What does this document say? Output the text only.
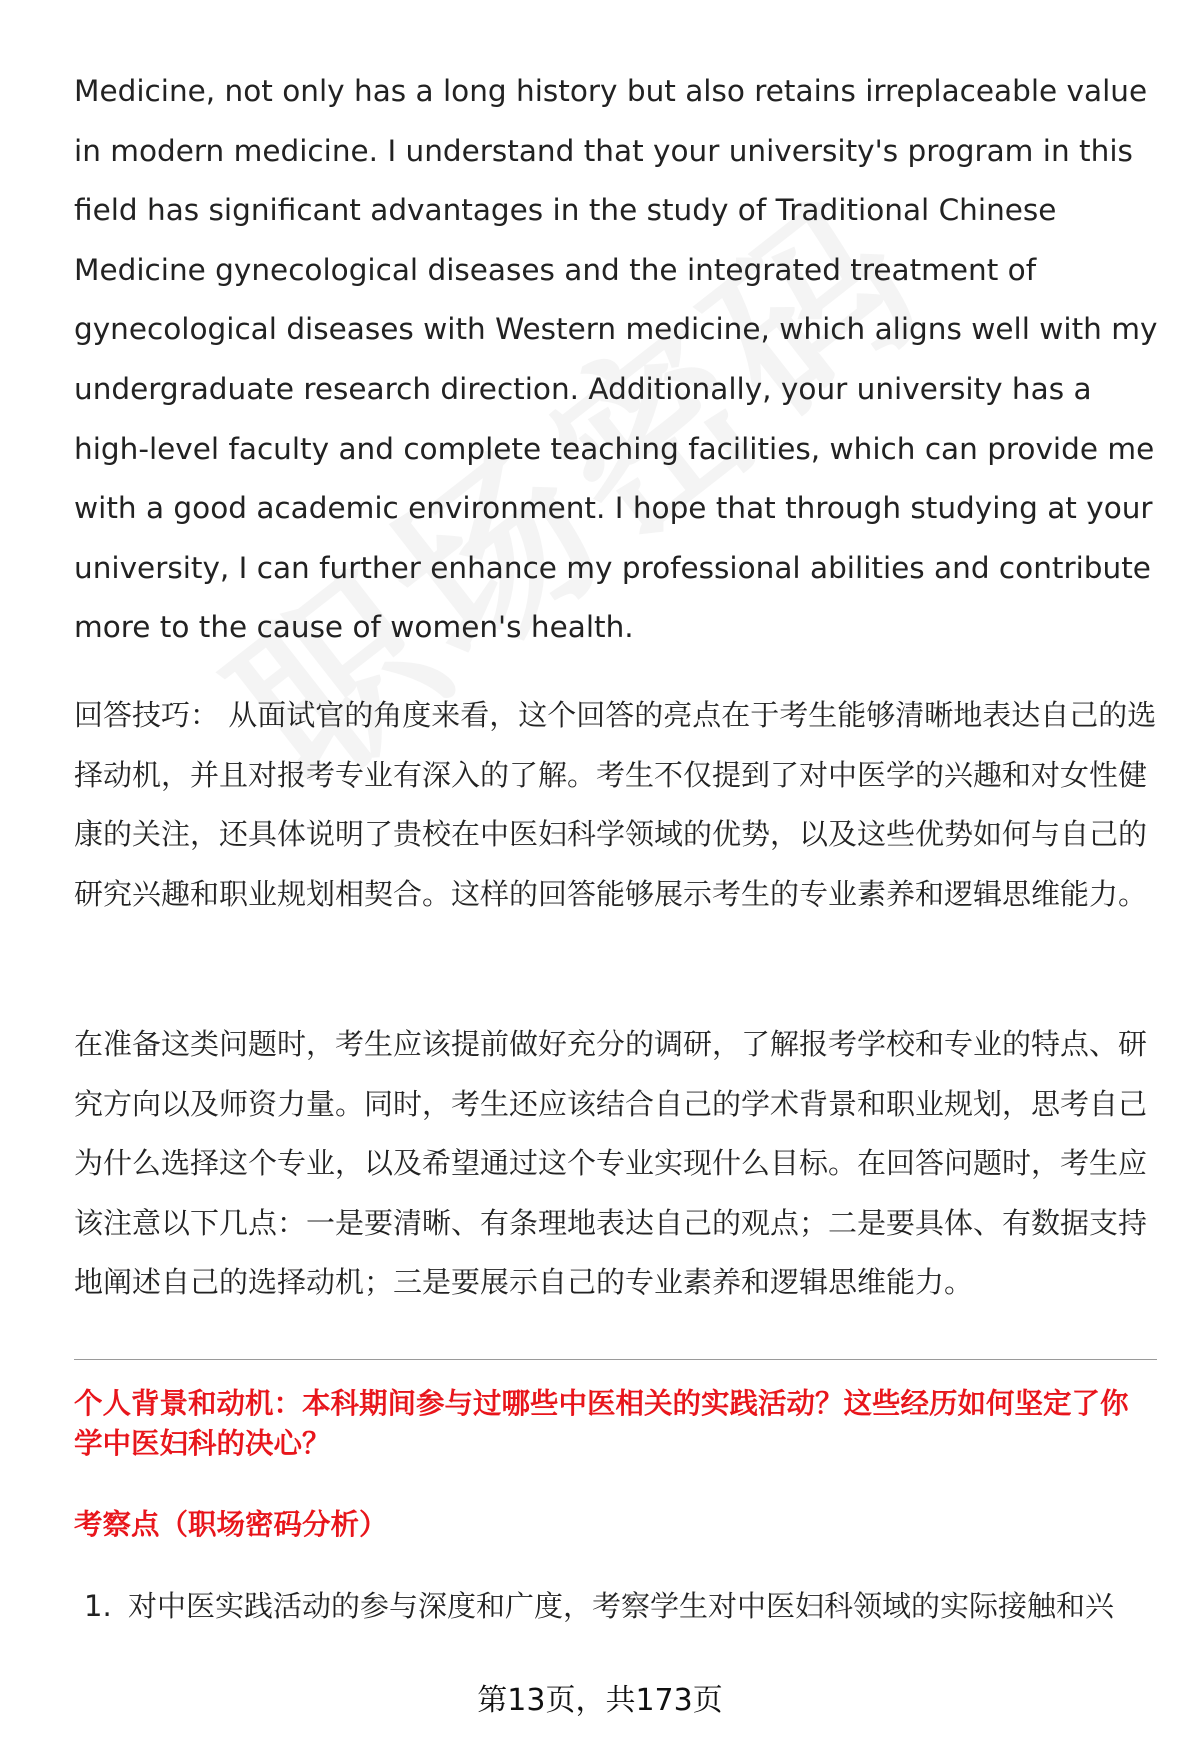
Medicine, not only has a long history but also retains irreplaceable value in modern medicine. I understand that your university's program in this field has significant advantages in the study of Traditional Chinese Medicine gynecological diseases and the integrated treatment of gynecological diseases with Western medicine, which aligns well with my undergraduate research direction. Additionally, your university has a high-level faculty and complete teaching facilities, which can provide me with a good academic environment. I hope that through studying at your university, I can further enhance my professional abilities and contribute more to the cause of women's health.

回答技巧： 从面试官的角度来看，这个回答的亮点在于考生能够清晰地表达自己的选择动机，并且对报考专业有深入的了解。考生不仅提到了对中医学的兴趣和对女性健康的关注，还具体说明了贵校在中医妇科学领域的优势，以及这些优势如何与自己的研究兴趣和职业规划相契合。这样的回答能够展示考生的专业素养和逻辑思维能力。

在准备这类问题时，考生应该提前做好充分的调研，了解报考学校和专业的特点、研究方向以及师资力量。同时，考生还应该结合自己的学术背景和职业规划，思考自己为什么选择这个专业，以及希望通过这个专业实现什么目标。在回答问题时，考生应该注意以下几点：一是要清晰、有条理地表达自己的观点；二是要具体、有数据支持地阐述自己的选择动机；三是要展示自己的专业素养和逻辑思维能力。

个人背景和动机：本科期间参与过哪些中医相关的实践活动？这些经历如何坚定了你学中医妇科的决心？

考察点（职场密码分析）

1. 对中医实践活动的参与深度和广度，考察学生对中医妇科领域的实际接触和兴

第13页，共173页
